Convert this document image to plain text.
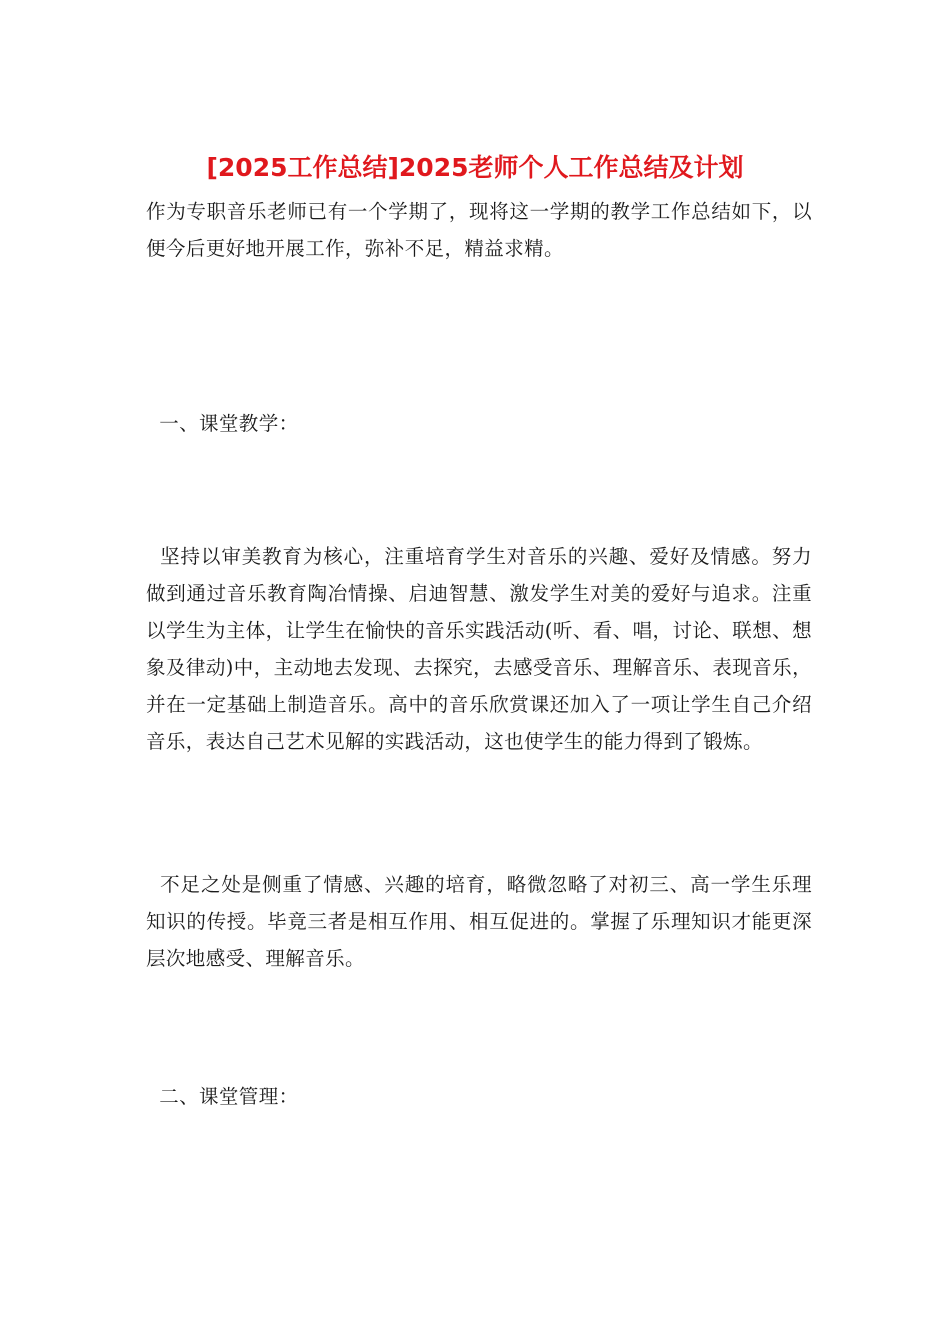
[2025工作总结]2025老师个人工作总结及计划

作为专职音乐老师已有一个学期了，现将这一学期的教学工作总结如下，以便今后更好地开展工作，弥补不足，精益求精。

一、课堂教学：

坚持以审美教育为核心，注重培育学生对音乐的兴趣、爱好及情感。努力做到通过音乐教育陶冶情操、启迪智慧、激发学生对美的爱好与追求。注重以学生为主体，让学生在愉快的音乐实践活动(听、看、唱，讨论、联想、想象及律动)中，主动地去发现、去探究，去感受音乐、理解音乐、表现音乐，并在一定基础上制造音乐。高中的音乐欣赏课还加入了一项让学生自己介绍音乐，表达自己艺术见解的实践活动，这也使学生的能力得到了锻炼。

不足之处是侧重了情感、兴趣的培育，略微忽略了对初三、高一学生乐理知识的传授。毕竟三者是相互作用、相互促进的。掌握了乐理知识才能更深层次地感受、理解音乐。

二、课堂管理：
